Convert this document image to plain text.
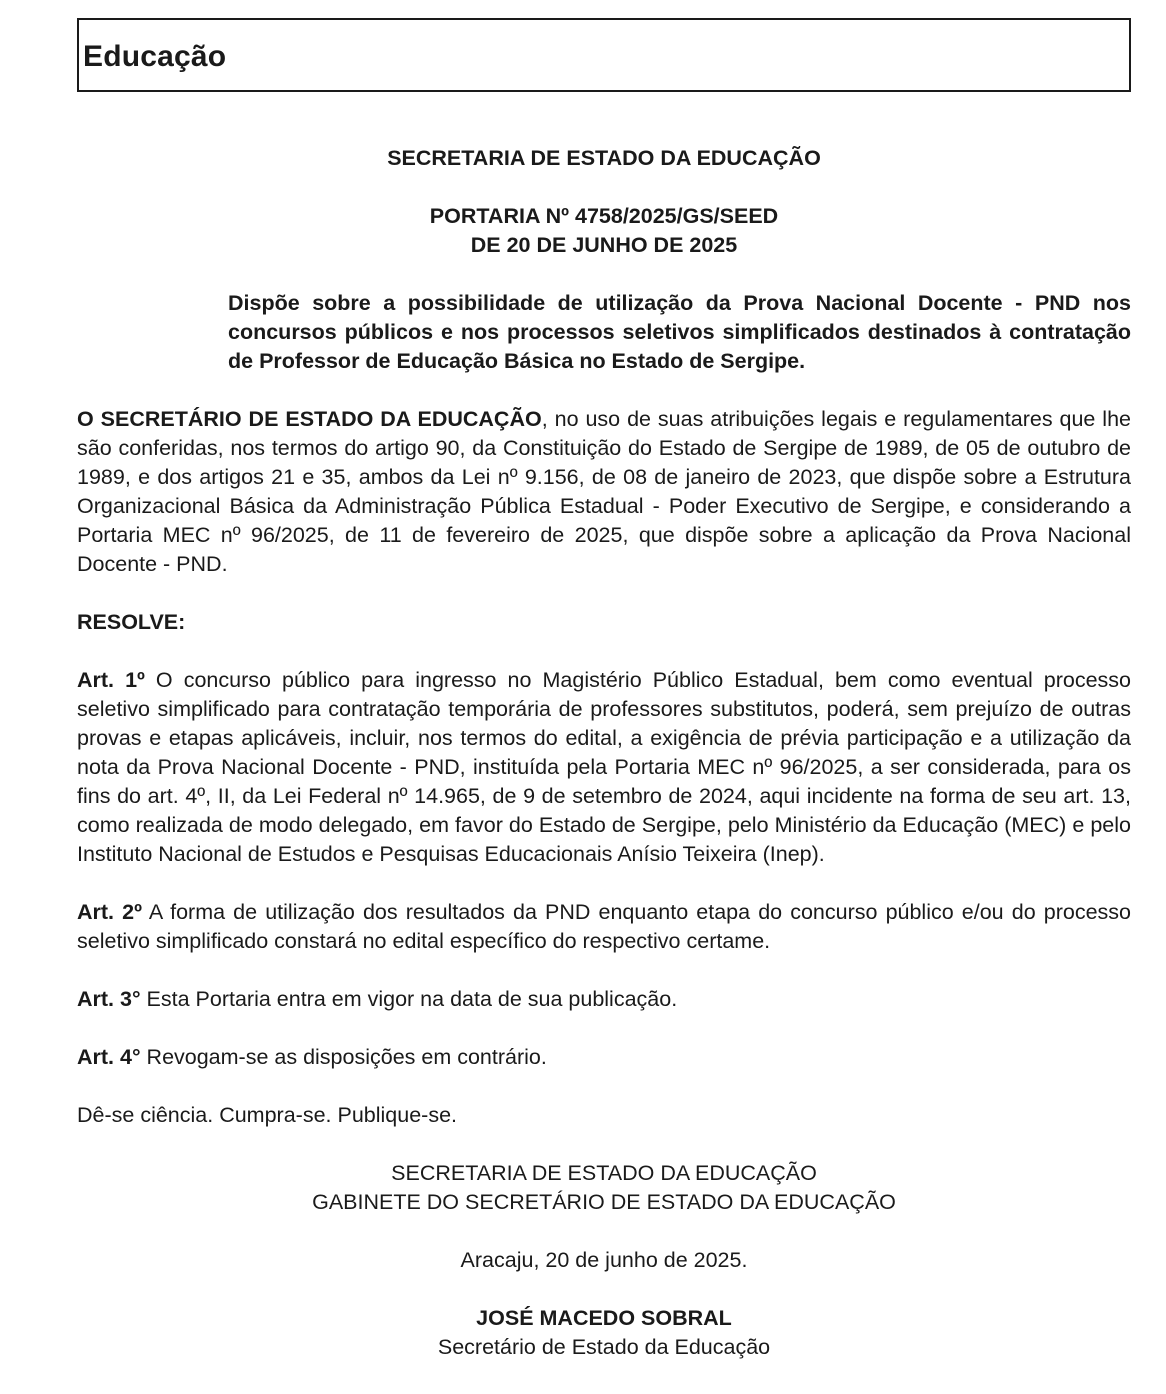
Educação

SECRETARIA DE ESTADO DA EDUCAÇÃO

PORTARIA Nº 4758/2025/GS/SEED

DE 20 DE JUNHO DE 2025

Dispõe sobre a possibilidade de utilização da Prova Nacional Docente - PND nos concursos públicos e nos processos seletivos simplificados destinados à contratação de Professor de Educação Básica no Estado de Sergipe.

O SECRETÁRIO DE ESTADO DA EDUCAÇÃO, no uso de suas atribuições legais e regulamentares que lhe são conferidas, nos termos do artigo 90, da Constituição do Estado de Sergipe de 1989, de 05 de outubro de 1989, e dos artigos 21 e 35, ambos da Lei nº 9.156, de 08 de janeiro de 2023, que dispõe sobre a Estrutura Organizacional Básica da Administração Pública Estadual - Poder Executivo de Sergipe, e considerando a Portaria MEC nº 96/2025, de 11 de fevereiro de 2025, que dispõe sobre a aplicação da Prova Nacional Docente - PND.

RESOLVE:

Art. 1º O concurso público para ingresso no Magistério Público Estadual, bem como eventual processo seletivo simplificado para contratação temporária de professores substitutos, poderá, sem prejuízo de outras provas e etapas aplicáveis, incluir, nos termos do edital, a exigência de prévia participação e a utilização da nota da Prova Nacional Docente - PND, instituída pela Portaria MEC nº 96/2025, a ser considerada, para os fins do art. 4º, II, da Lei Federal nº 14.965, de 9 de setembro de 2024, aqui incidente na forma de seu art. 13, como realizada de modo delegado, em favor do Estado de Sergipe, pelo Ministério da Educação (MEC) e pelo Instituto Nacional de Estudos e Pesquisas Educacionais Anísio Teixeira (Inep).

Art. 2º A forma de utilização dos resultados da PND enquanto etapa do concurso público e/ou do processo seletivo simplificado constará no edital específico do respectivo certame.

Art. 3° Esta Portaria entra em vigor na data de sua publicação.

Art. 4° Revogam-se as disposições em contrário.

Dê-se ciência. Cumpra-se. Publique-se.

SECRETARIA DE ESTADO DA EDUCAÇÃO

GABINETE DO SECRETÁRIO DE ESTADO DA EDUCAÇÃO

Aracaju, 20 de junho de 2025.

JOSÉ MACEDO SOBRAL

Secretário de Estado da Educação
